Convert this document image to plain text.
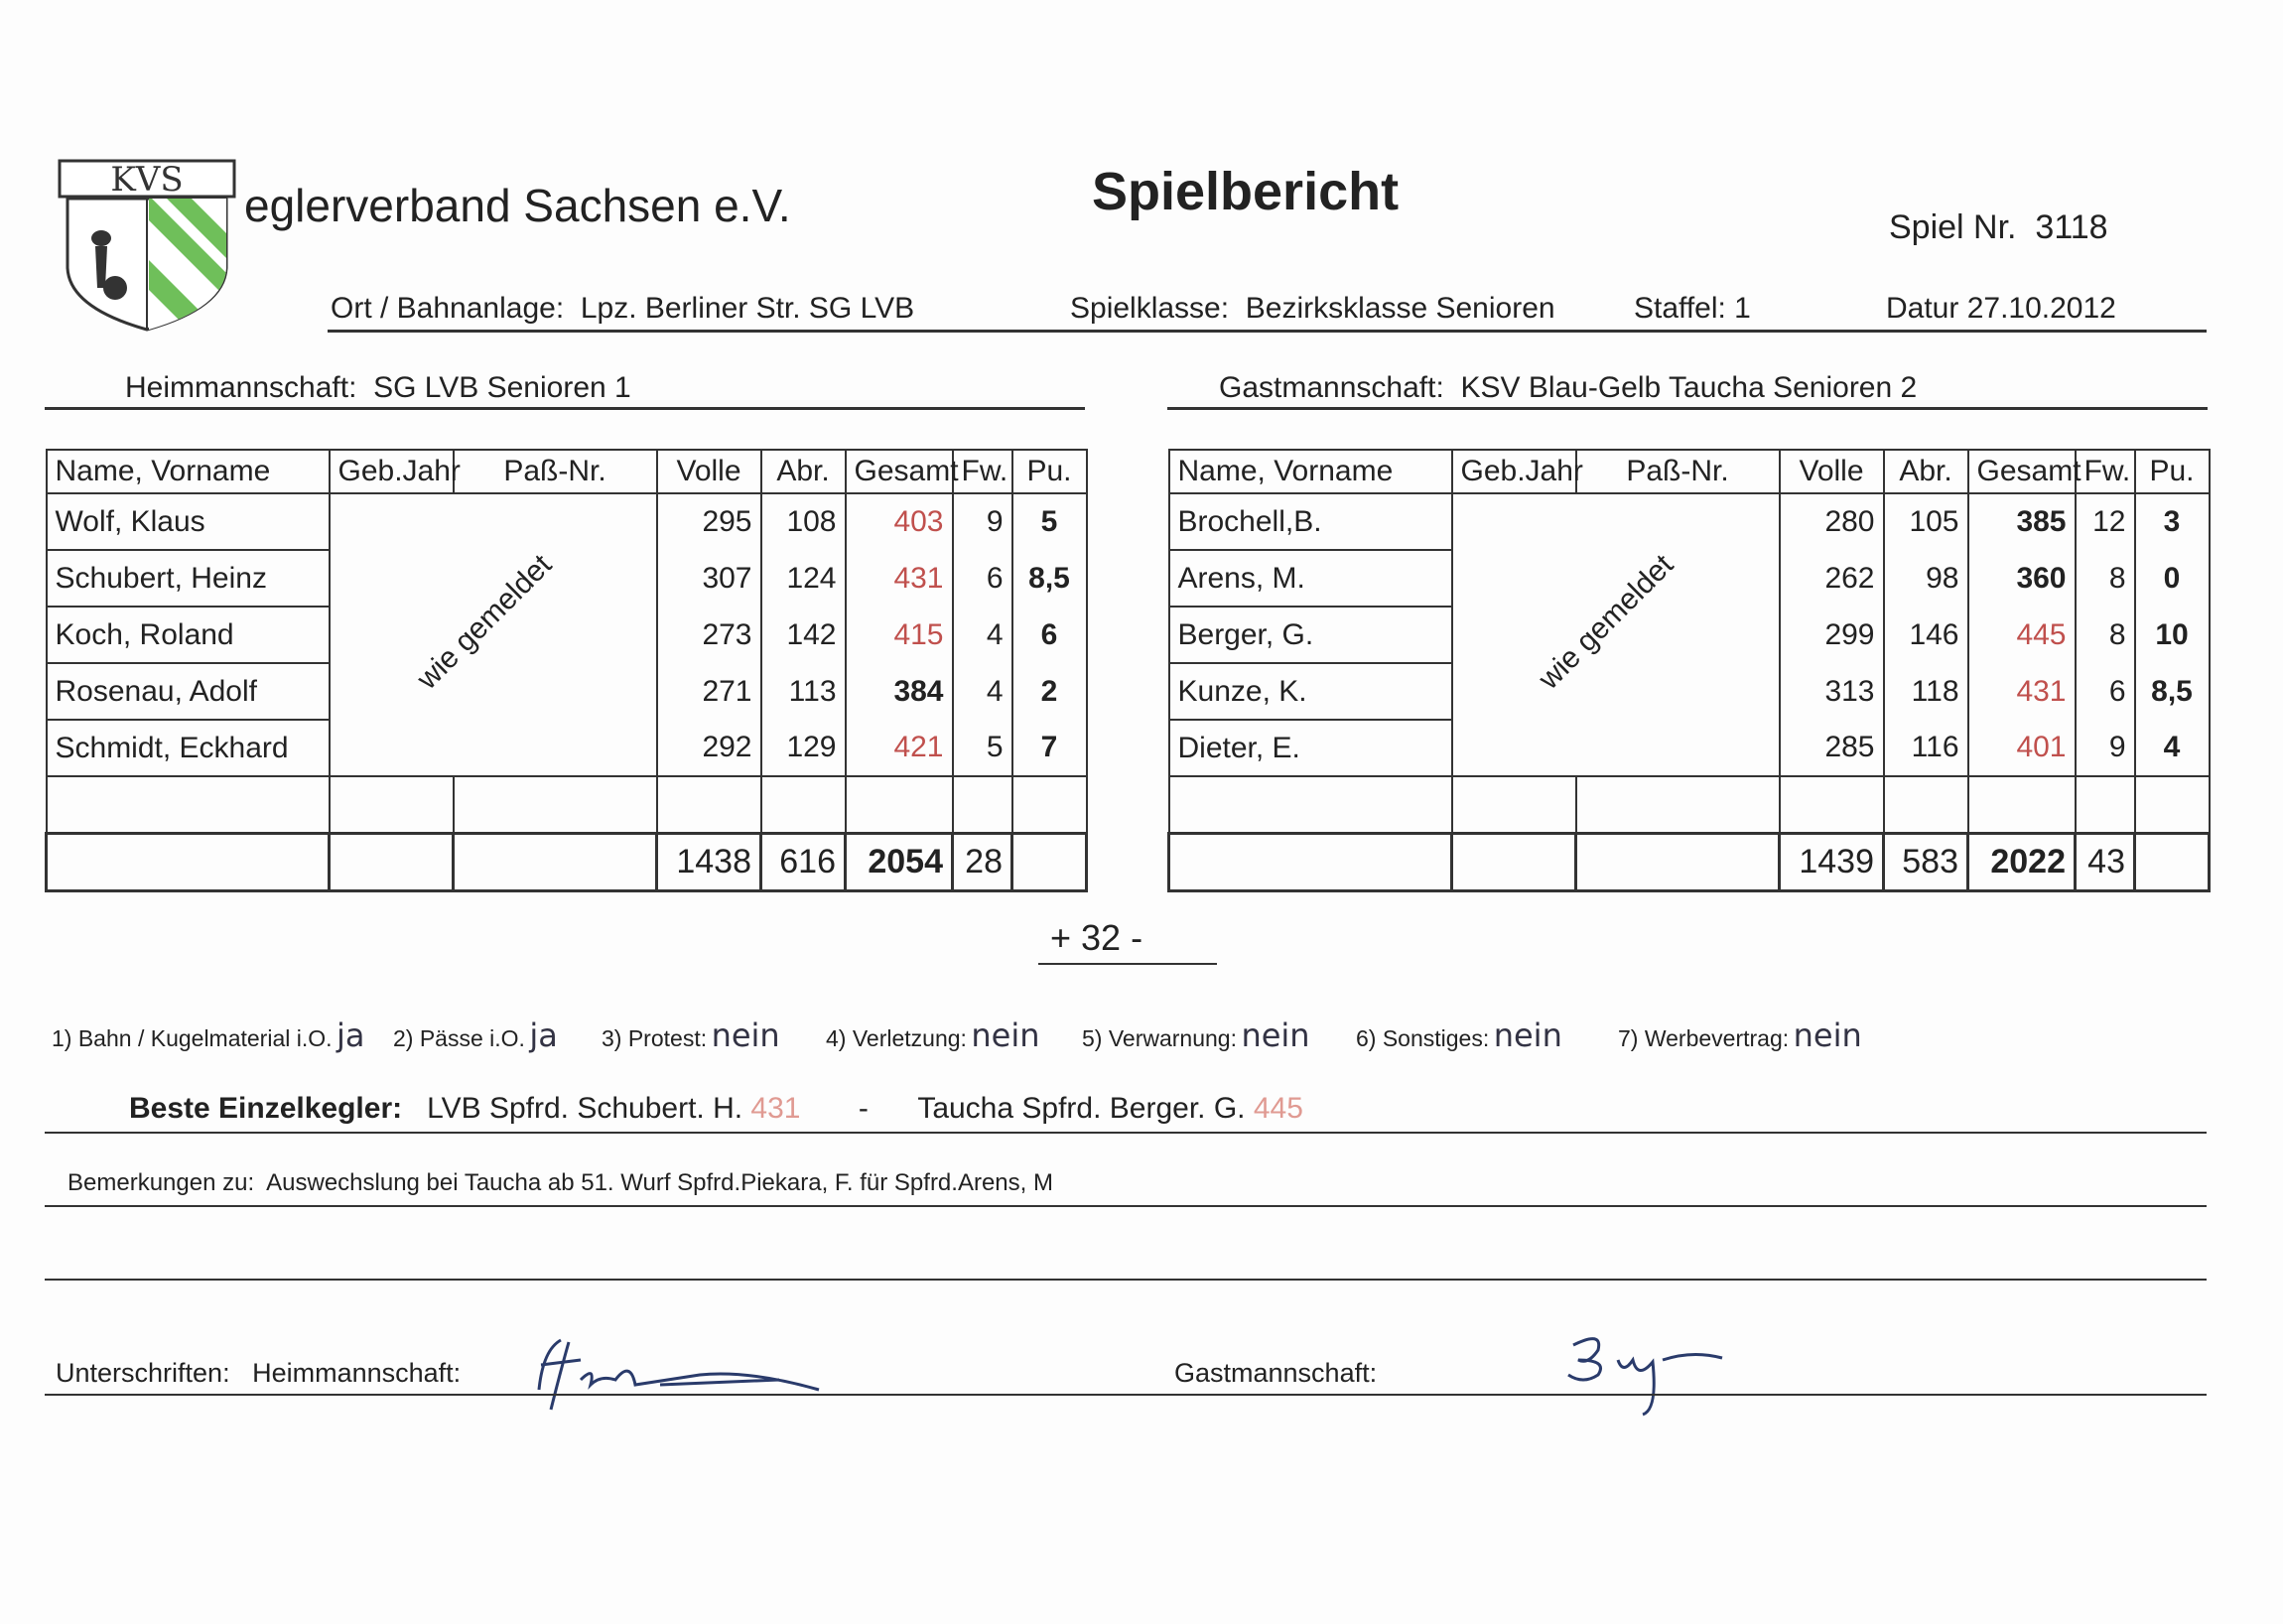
KVS eglerverband Sachsen e.V.	Spielbericht
Spiel Nr. 3118
Ort / Bahnanlage: Lpz. Berliner Str. SG LVB	Spielklasse: Bezirksklasse Senioren	Staffel: 1	Datur 27.10.2012
Heimmannschaft: SG LVB Senioren 1	Gastmannschaft: KSV Blau-Gelb Taucha Senioren 2
Name, Vorname	Geb.Jahr	Paß-Nr.	Volle	Abr.	Gesamt	Fw.	Pu.
Wolf, Klaus			295	108	403	9	5
Schubert, Heinz			307	124	431	6	8,5
Koch, Roland			273	142	415	4	6
Rosenau, Adolf			271	113	384	4	2
Schmidt, Eckhard			292	129	421	5	7

			1438	616	2054	28	
wie gemeldet
Name, Vorname	Geb.Jahr	Paß-Nr.	Volle	Abr.	Gesamt	Fw.	Pu.
Brochell,B.			280	105	385	12	3
Arens, M.			262	98	360	8	0
Berger, G.			299	146	445	8	10
Kunze, K.			313	118	431	6	8,5
Dieter, E.			285	116	401	9	4

			1439	583	2022	43	
wie gemeldet
+ 32 -
1) Bahn / Kugelmaterial i.O. ja 2) Pässe i.O. ja 3) Protest: nein 4) Verletzung: nein 5) Verwarnung: nein 6) Sonstiges: nein 7) Werbevertrag: nein
Beste Einzelkegler: LVB Spfrd. Schubert. H. 431 - Taucha Spfrd. Berger. G. 445
Bemerkungen zu: Auswechslung bei Taucha ab 51. Wurf Spfrd.Piekara, F. für Spfrd.Arens, M
Unterschriften: Heimmannschaft:	Gastmannschaft:
